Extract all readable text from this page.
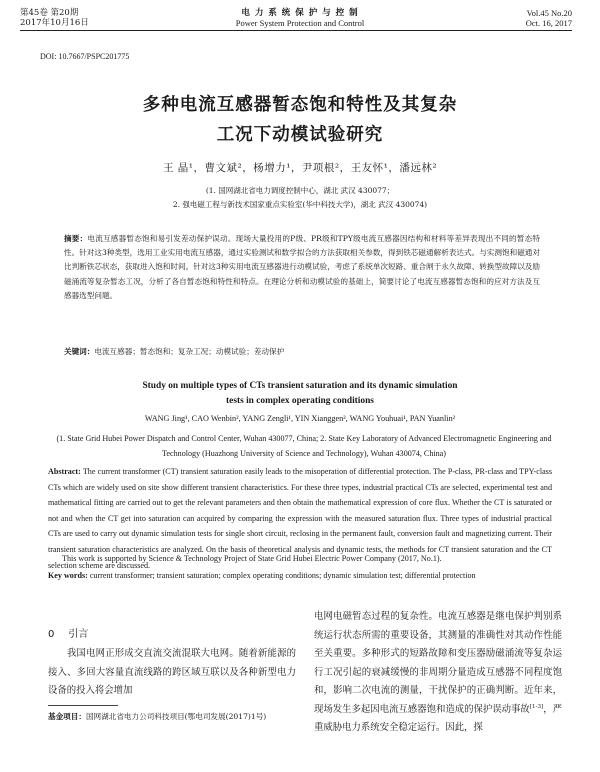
第45卷 第20期
2017年10月16日
电 力 系 统 保 护 与 控 制
Power System Protection and Control
Vol.45 No.20
Oct. 16, 2017
DOI: 10.7667/PSPC201775
多种电流互感器暂态饱和特性及其复杂
工况下动模试验研究
王 晶¹，曹文斌²，杨增力¹，尹项根²，王友怀¹，潘远林²
(1. 国网湖北省电力调度控制中心，湖北 武汉 430077；
2. 强电磁工程与新技术国家重点实验室(华中科技大学)，湖北 武汉 430074)
摘要：电流互感器暂态饱和易引发差动保护误动。现场大量投用的P级、PR级和TPY级电流互感器因结构和材料等差异表现出不同的暂态特性。针对这3种类型，选用工业实用电流互感器，通过实验测试和数学拟合的方法获取相关参数，得到铁芯磁通解析表达式。与实测饱和磁通对比判断铁芯状态，获取进入饱和时间。针对这3种实用电流互感器进行动模试验，考虑了系统单次短路、重合闸于永久故障、转换型故障以及励磁涌流等复杂暂态工况，分析了各自暂态饱和特性和特点。在理论分析和动模试验的基础上，简要讨论了电流互感器暂态饱和的应对方法及互感器选型问题。
关键词：电流互感器；暂态饱和；复杂工况；动模试验；差动保护
Study on multiple types of CTs transient saturation and its dynamic simulation
tests in complex operating conditions
WANG Jing¹, CAO Wenbin², YANG Zengli¹, YIN Xianggen², WANG Youhuai¹, PAN Yuanlin²
(1. State Grid Hubei Power Dispatch and Control Center, Wuhan 430077, China; 2. State Key Laboratory of Advanced Electromagnetic Engineering and Technology (Huazhong University of Science and Technology), Wuhan 430074, China)
Abstract: The current transformer (CT) transient saturation easily leads to the misoperation of differential protection. The P-class, PR-class and TPY-class CTs which are widely used on site show different transient characteristics. For these three types, industrial practical CTs are selected, experimental test and mathematical fitting are carried out to get the relevant parameters and then obtain the mathematical expression of core flux. Whether the CT is saturated or not and when the CT get into saturation can acquired by comparing the expression with the measured saturation flux. Three types of industrial practical CTs are used to carry out dynamic simulation tests for single short circuit, reclosing in the permanent fault, conversion fault and magnetizing current. Their transient saturation characteristics are analyzed. On the basis of theoretical analysis and dynamic tests, the methods for CT transient saturation and the CT selection scheme are discussed.
This work is supported by Science & Technology Project of State Grid Hubei Electric Power Company (2017, No.1).
Key words: current transformer; transient saturation; complex operating conditions; dynamic simulation test; differential protection
0 引言
我国电网正形成交直流交流混联大电网。随着新能源的接入、多回大容量直流线路的跨区域互联以及各种新型电力设备的投入将会增加
基金项目：国网湖北省电力公司科技项目(鄂电司发展(2017)1号)
电网电磁暂态过程的复杂性。电流互感器是继电保护判别系统运行状态所需的重要设备，其测量的准确性对其动作性能至关重要。多种形式的短路故障和变压器励磁涌流等复杂运行工况引起的衰减缓慢的非周期分量造成互感器不同程度饱和，影响二次电流的测量，干扰保护的正确判断。近年来，现场发生多起因电流互感器饱和造成的保护误动事故[1-3]，严重威胁电力系统安全稳定运行。因此，探
